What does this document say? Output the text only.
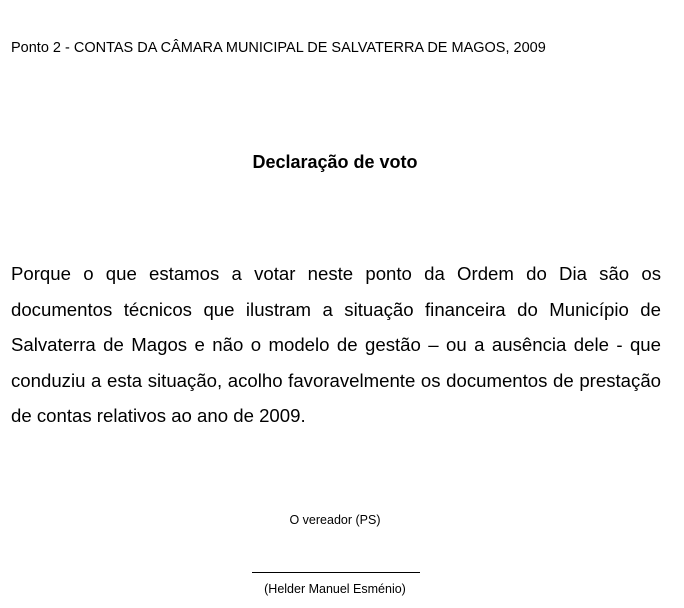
Ponto 2 - CONTAS DA CÂMARA MUNICIPAL DE SALVATERRA DE MAGOS, 2009
Declaração de voto
Porque o que estamos a votar neste ponto da Ordem do Dia são os documentos técnicos que ilustram a situação financeira do Município de Salvaterra de Magos e não o modelo de gestão – ou a ausência dele - que conduziu a esta situação, acolho favoravelmente os documentos de prestação de contas relativos ao ano de 2009.
O vereador (PS)
(Helder Manuel Esménio)
